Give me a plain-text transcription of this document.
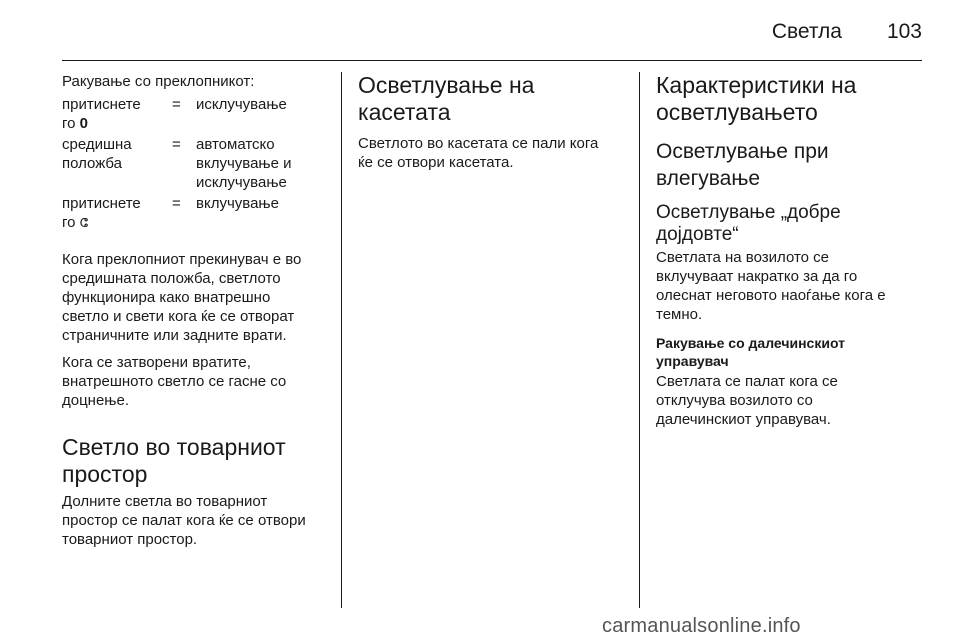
Светла 103

Ракување со преклопникот:

притиснете
го 0	=	исклучување
средишна
положба	=	автоматско
вклучување и
исклучување
притиснете
го ⵛ	=	вклучување

Кога преклопниот прекинувач е во
средишната положба, светлото
функционира како внатрешно
светло и свети кога ќе се отворат
страничните или задните врати.

Кога се затворени вратите,
внатрешното светло се гасне со
доцнење.

Светло во товарниот
простор

Долните светла во товарниот
простор се палат кога ќе се отвори
товарниот простор.

Осветлување на
касетата

Светлото во касетата се пали кога
ќе се отвори касетата.

Карактеристики на
осветлувањето
Осветлување при
влегување
Осветлување „добре
дојдовте“

Светлата на возилото се
вклучуваат накратко за да го
олеснат неговото наоѓање кога е
темно.

Ракување со далечинскиот
управувач

Светлата се палат кога се
отклучува возилото со
далечинскиот управувач.

carmanualsonline.info
